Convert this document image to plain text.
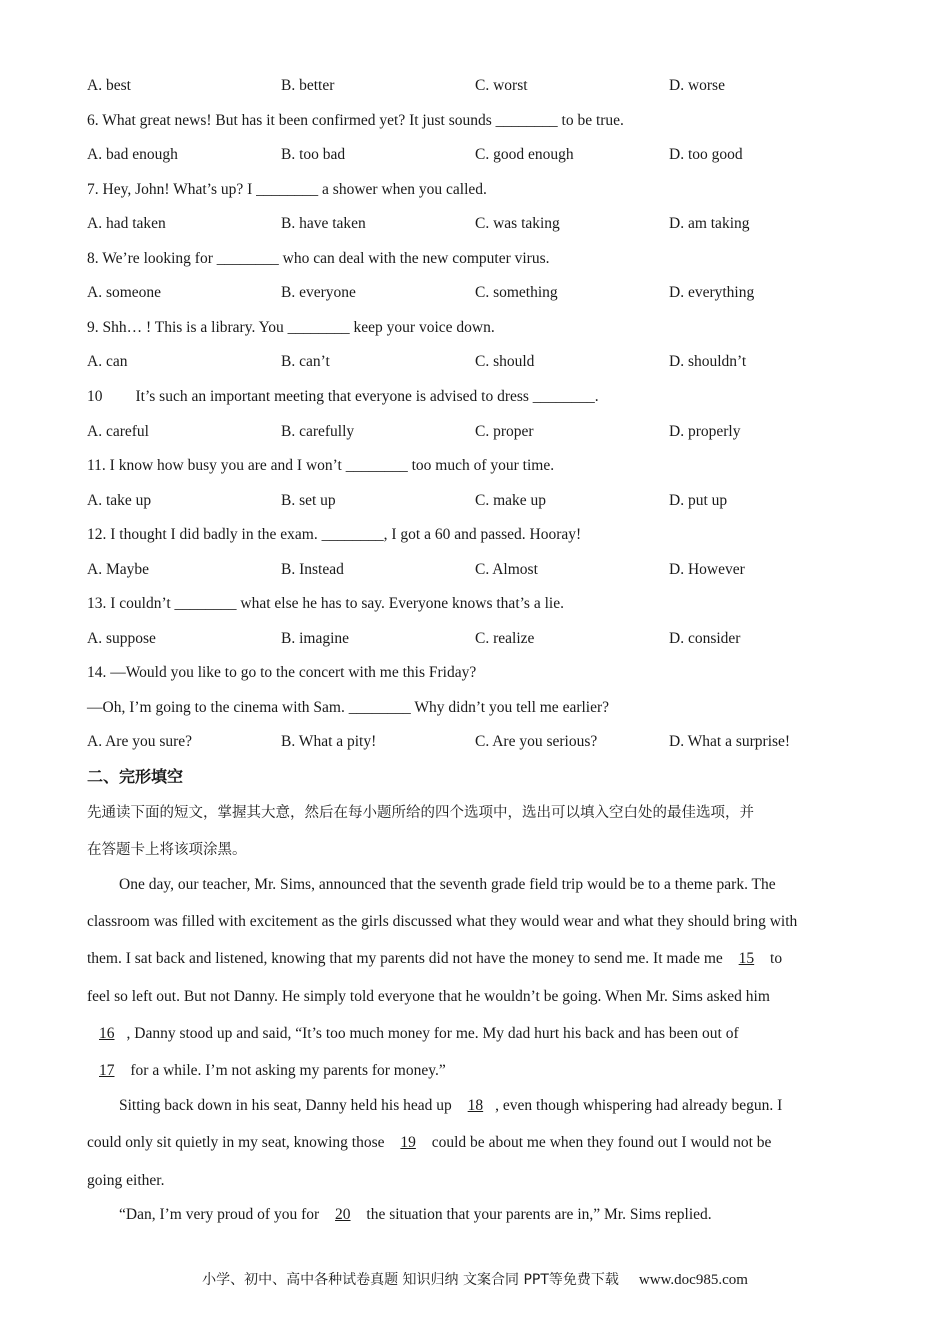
A. best	B. better	C. worst	D. worse
6. What great news! But has it been confirmed yet? It just sounds ________ to be true.
A. bad enough	B. too bad	C. good enough	D. too good
7. Hey, John! What’s up? I ________ a shower when you called.
A. had taken	B. have taken	C. was taking	D. am taking
8. We’re looking for ________ who can deal with the new computer virus.
A. someone	B. everyone	C. something	D. everything
9. Shh… ! This is a library. You ________ keep your voice down.
A. can	B. can’t	C. should	D. shouldn’t
10 It’s such an important meeting that everyone is advised to dress ________.
A. careful	B. carefully	C. proper	D. properly
11. I know how busy you are and I won’t ________ too much of your time.
A. take up	B. set up	C. make up	D. put up
12. I thought I did badly in the exam. ________, I got a 60 and passed. Hooray!
A. Maybe	B. Instead	C. Almost	D. However
13. I couldn’t ________ what else he has to say. Everyone knows that’s a lie.
A. suppose	B. imagine	C. realize	D. consider
14. —Would you like to go to the concert with me this Friday?
—Oh, I’m going to the cinema with Sam. ________ Why didn’t you tell me earlier?
A. Are you sure?	B. What a pity!	C. Are you serious?	D. What a surprise!
二、完形填空
先通读下面的短文，掌握其大意，然后在每小题所给的四个选项中，选出可以填入空白处的最佳选项，并
在答题卡上将该项涂黑。
One day, our teacher, Mr. Sims, announced that the seventh grade field trip would be to a theme park. The
classroom was filled with excitement as the girls discussed what they would wear and what they should bring with
them. I sat back and listened, knowing that my parents did not have the money to send me. It made me 15 to
feel so left out. But not Danny. He simply told everyone that he wouldn’t be going. When Mr. Sims asked him
16 , Danny stood up and said, “It’s too much money for me. My dad hurt his back and has been out of
17 for a while. I’m not asking my parents for money.”
Sitting back down in his seat, Danny held his head up 18 , even though whispering had already begun. I
could only sit quietly in my seat, knowing those 19 could be about me when they found out I would not be
going either.
“Dan, I’m very proud of you for 20 the situation that your parents are in,” Mr. Sims replied.
小学、初中、高中各种试卷真题 知识归纳 文案合同 PPT等免费下载 www.doc985.com
